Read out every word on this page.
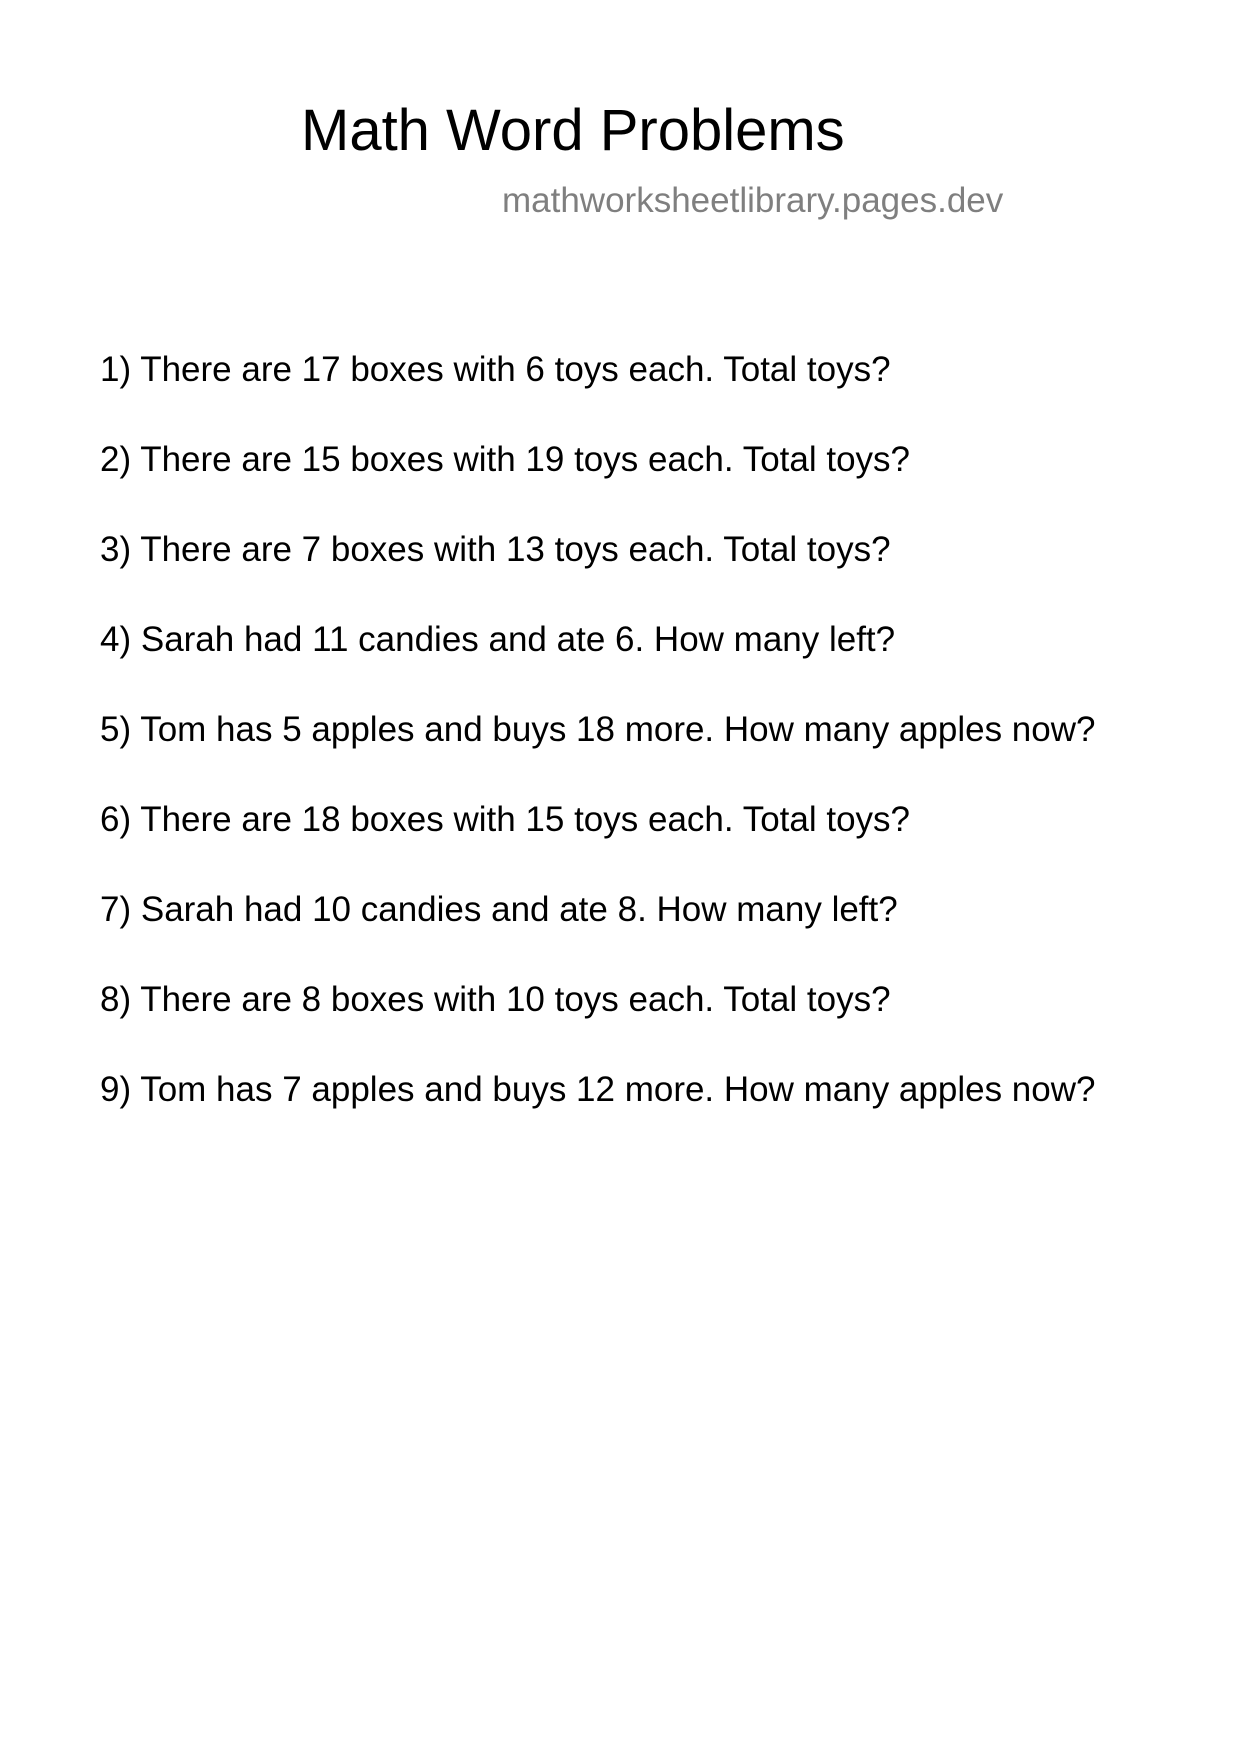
Math Word Problems
mathworksheetlibrary.pages.dev
1) There are 17 boxes with 6 toys each. Total toys?
2) There are 15 boxes with 19 toys each. Total toys?
3) There are 7 boxes with 13 toys each. Total toys?
4) Sarah had 11 candies and ate 6. How many left?
5) Tom has 5 apples and buys 18 more. How many apples now?
6) There are 18 boxes with 15 toys each. Total toys?
7) Sarah had 10 candies and ate 8. How many left?
8) There are 8 boxes with 10 toys each. Total toys?
9) Tom has 7 apples and buys 12 more. How many apples now?
